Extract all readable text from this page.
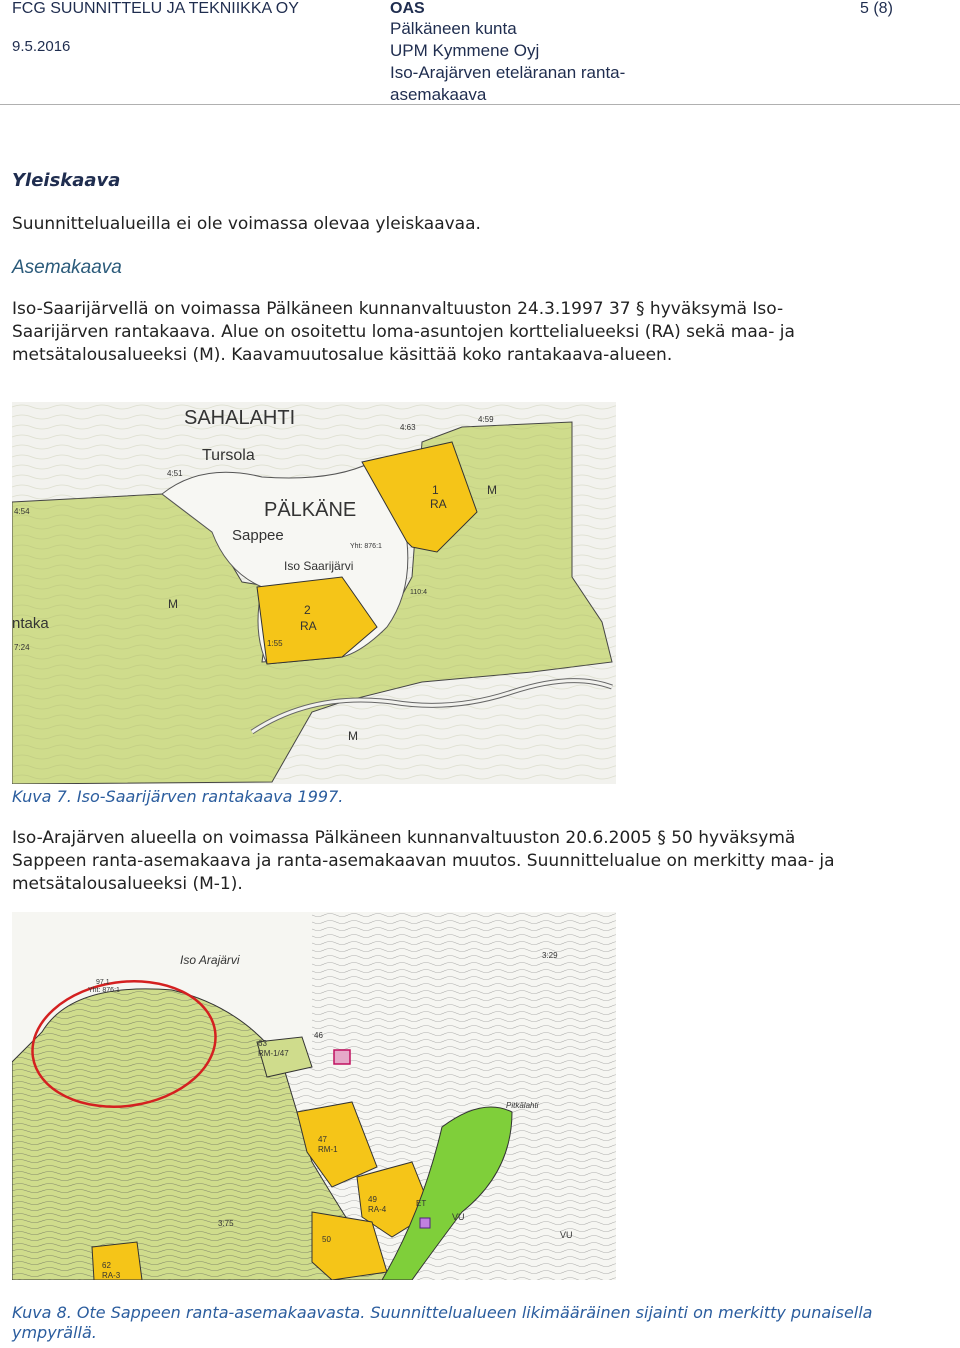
FCG SUUNNITTELU JA TEKNIIKKA OY
9.5.2016
OAS
Pälkäneen kunta
UPM Kymmene Oyj
Iso-Arajärven eteläranan ranta-
asemakaava
5 (8)
Yleiskaava
Suunnittelualueilla ei ole voimassa olevaa yleiskaavaa.
Asemakaava

Iso-Saarijärvellä on voimassa Pälkäneen kunnanvaltuuston 24.3.1997 37 § hyväksymä Iso-

Saarijärven rantakaava. Alue on osoitettu loma-asuntojen korttelialueeksi (RA) sekä maa- ja

metsätalousalueeksi (M). Kaavamuutosalue käsittää koko rantakaava-alueen.

SAHALAHTI
Tursola
PÄLKÄNE
Sappee
Iso Saarijärvi
RA
RA
1
2
M
M
M
ntaka
4:63
4:59
4:51
4:54
1:55
7:24
110:4
Yht: 876:1
Kuva 7. Iso-Saarijärven rantakaava 1997.

Iso-Arajärven alueella on voimassa Pälkäneen kunnanvaltuuston 20.6.2005 § 50 hyväksymä

Sappeen ranta-asemakaava ja ranta-asemakaavan muutos. Suunnittelualue on merkitty maa- ja

metsätalousalueeksi (M-1).

Iso Arajärvi
Yht: 876:1
97.1
Pitkälahti
VU
VU
ET
RM-1/47
RM-1
RA-4
RA-3
47
49
50
62
63
46
3:29
3:75
Kuva 8. Ote Sappeen ranta-asemakaavasta. Suunnittelualueen likimääräinen sijainti on merkitty punaisella
ympyrällä.
